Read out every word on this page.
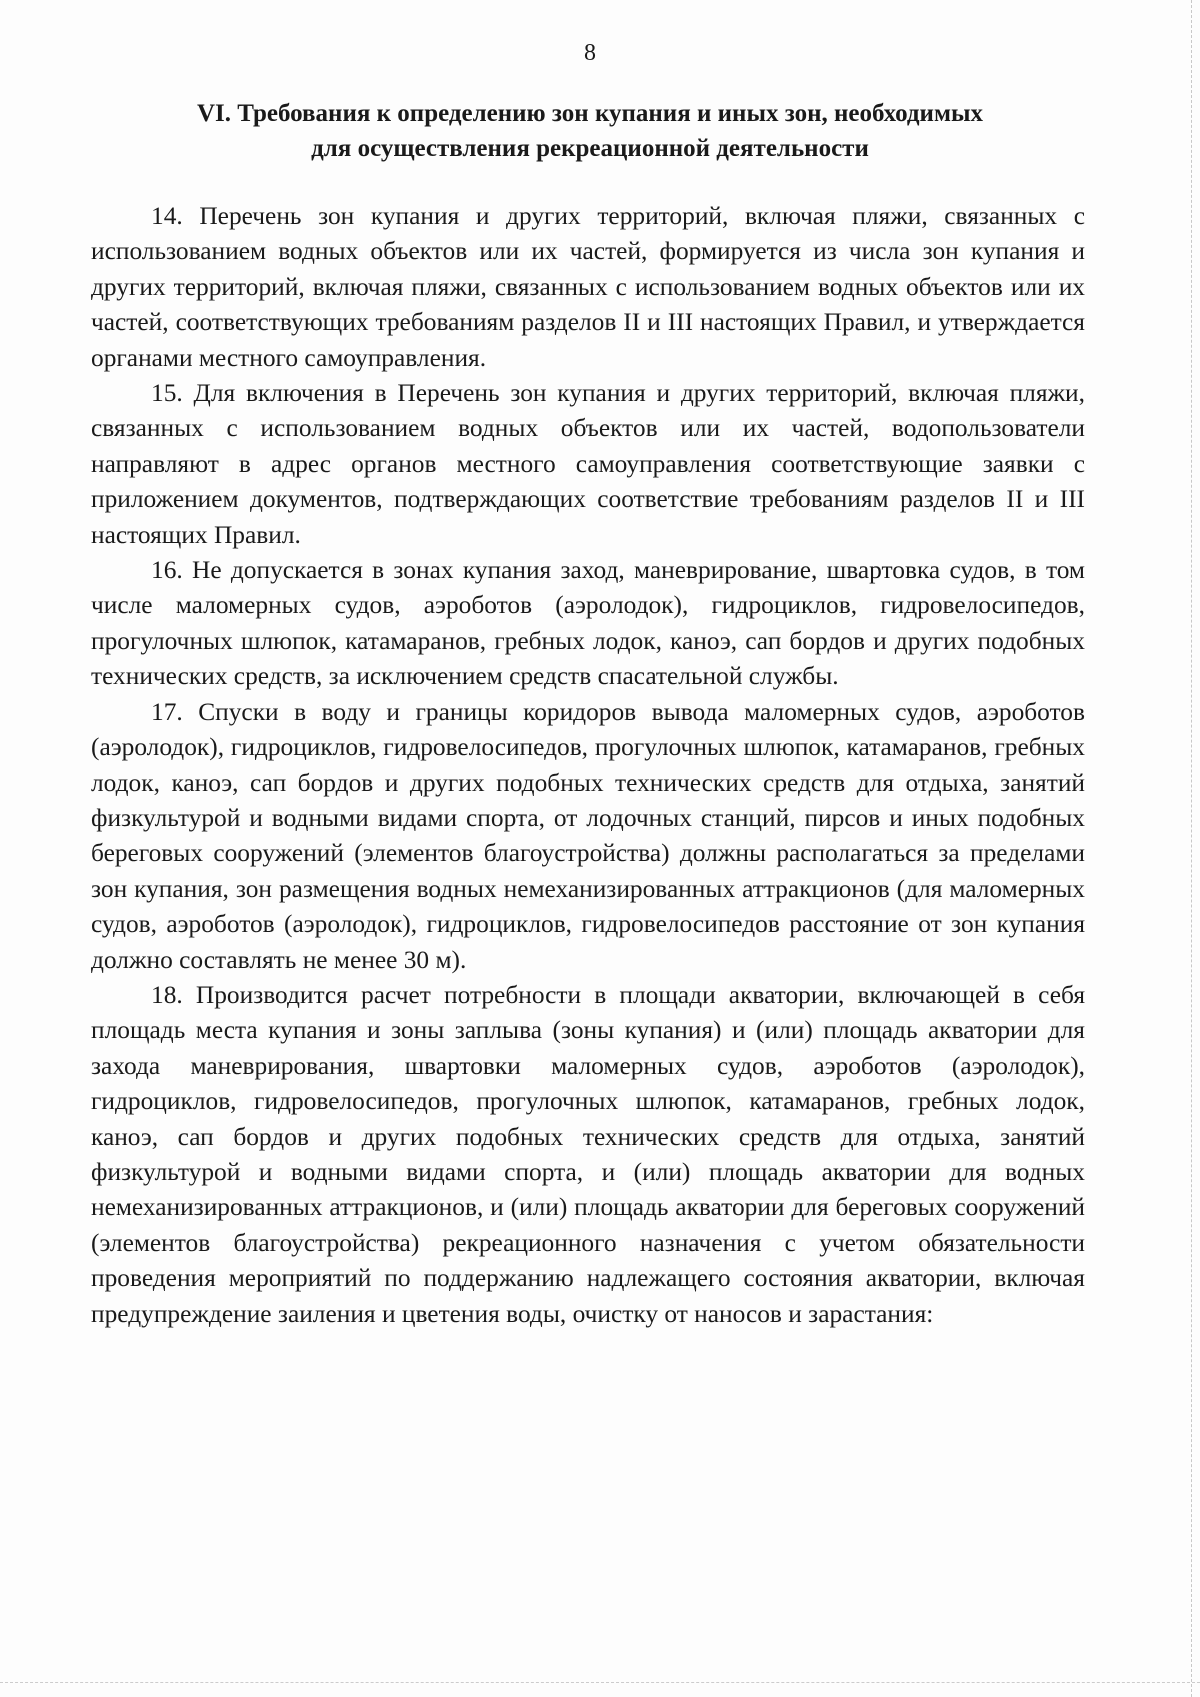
8
VI. Требования к определению зон купания и иных зон, необходимых
для осуществления рекреационной деятельности

14. Перечень зон купания и других территорий, включая пляжи, связанных с использованием водных объектов или их частей, формируется из числа зон купания и других территорий, включая пляжи, связанных с использованием водных объектов или их частей, соответствующих требованиям разделов II и III настоящих Правил, и утверждается органами местного самоуправления.

15. Для включения в Перечень зон купания и других территорий, включая пляжи, связанных с использованием водных объектов или их частей, водопользователи направляют в адрес органов местного самоуправления соответствующие заявки с приложением документов, подтверждающих соответствие требованиям разделов II и III настоящих Правил.

16. Не допускается в зонах купания заход, маневрирование, швартовка судов, в том числе маломерных судов, аэроботов (аэролодок), гидроциклов, гидровелосипедов, прогулочных шлюпок, катамаранов, гребных лодок, каноэ, сап бордов и других подобных технических средств, за исключением средств спасательной службы.

17. Спуски в воду и границы коридоров вывода маломерных судов, аэроботов (аэролодок), гидроциклов, гидровелосипедов, прогулочных шлюпок, катамаранов, гребных лодок, каноэ, сап бордов и других подобных технических средств для отдыха, занятий физкультурой и водными видами спорта, от лодочных станций, пирсов и иных подобных береговых сооружений (элементов благоустройства) должны располагаться за пределами зон купания, зон размещения водных немеханизированных аттракционов (для маломерных судов, аэроботов (аэролодок), гидроциклов, гидровелосипедов расстояние от зон купания должно составлять не менее 30 м).

18. Производится расчет потребности в площади акватории, включающей в себя площадь места купания и зоны заплыва (зоны купания) и (или) площадь акватории для захода маневрирования, швартовки маломерных судов, аэроботов (аэролодок), гидроциклов, гидровелосипедов, прогулочных шлюпок, катамаранов, гребных лодок, каноэ, сап бордов и других подобных технических средств для отдыха, занятий физкультурой и водными видами спорта, и (или) площадь акватории для водных немеханизированных аттракционов, и (или) площадь акватории для береговых сооружений (элементов благоустройства) рекреационного назначения с учетом обязательности проведения мероприятий по поддержанию надлежащего состояния акватории, включая предупреждение заиления и цветения воды, очистку от наносов и зарастания:
